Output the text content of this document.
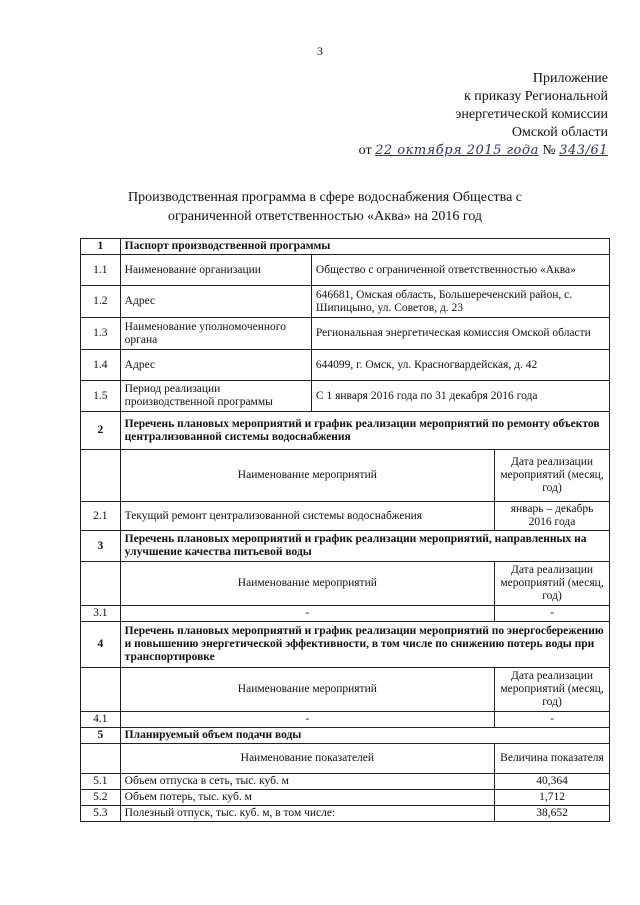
3
Приложение
к приказу Региональной
энергетической комиссии
Омской области
от 22 октября 2015 года № 343/61
Производственная программа в сфере водоснабжения Общества с
ограниченной ответственностью «Аква» на 2016 год
1	Паспорт производственной программы		
1.1	Наименование организации	Общество с ограниченной ответственностью «Аква»	
1.2	Адрес	646681, Омская область, Большереченский район, с. Шипицыно, ул. Советов, д. 23	
1.3	Наименование уполномоченного органа	Региональная энергетическая комиссия Омской области	
1.4	Адрес	644099, г. Омск, ул. Красногвардейская, д. 42	
1.5	Период реализации производственной программы	С 1 января 2016 года по 31 декабря 2016 года	
2	Перечень плановых мероприятий и график реализации мероприятий по ремонту объектов централизованной системы водоснабжения		
	Наименование мероприятий		Дата реализации мероприятий (месяц, год)
2.1	Текущий ремонт централизованной системы водоснабжения		январь – декабрь 2016 года
3	Перечень плановых мероприятий и график реализации мероприятий, направленных на улучшение качества питьевой воды		
	Наименование мероприятий		Дата реализации мероприятий (месяц, год)
3.1	-		-
4	Перечень плановых мероприятий и график реализации мероприятий по энергосбережению и повышению энергетической эффективности, в том числе по снижению потерь воды при транспортировке		
	Наименование мероприятий		Дата реализации мероприятий (месяц, год)
4.1	-		-
5	Планируемый объем подачи воды		
	Наименование показателей		Величина показателя
5.1	Объем отпуска в сеть, тыс. куб. м		40,364
5.2	Объем потерь, тыс. куб. м		1,712
5.3	Полезный отпуск, тыс. куб. м, в том числе:		38,652
